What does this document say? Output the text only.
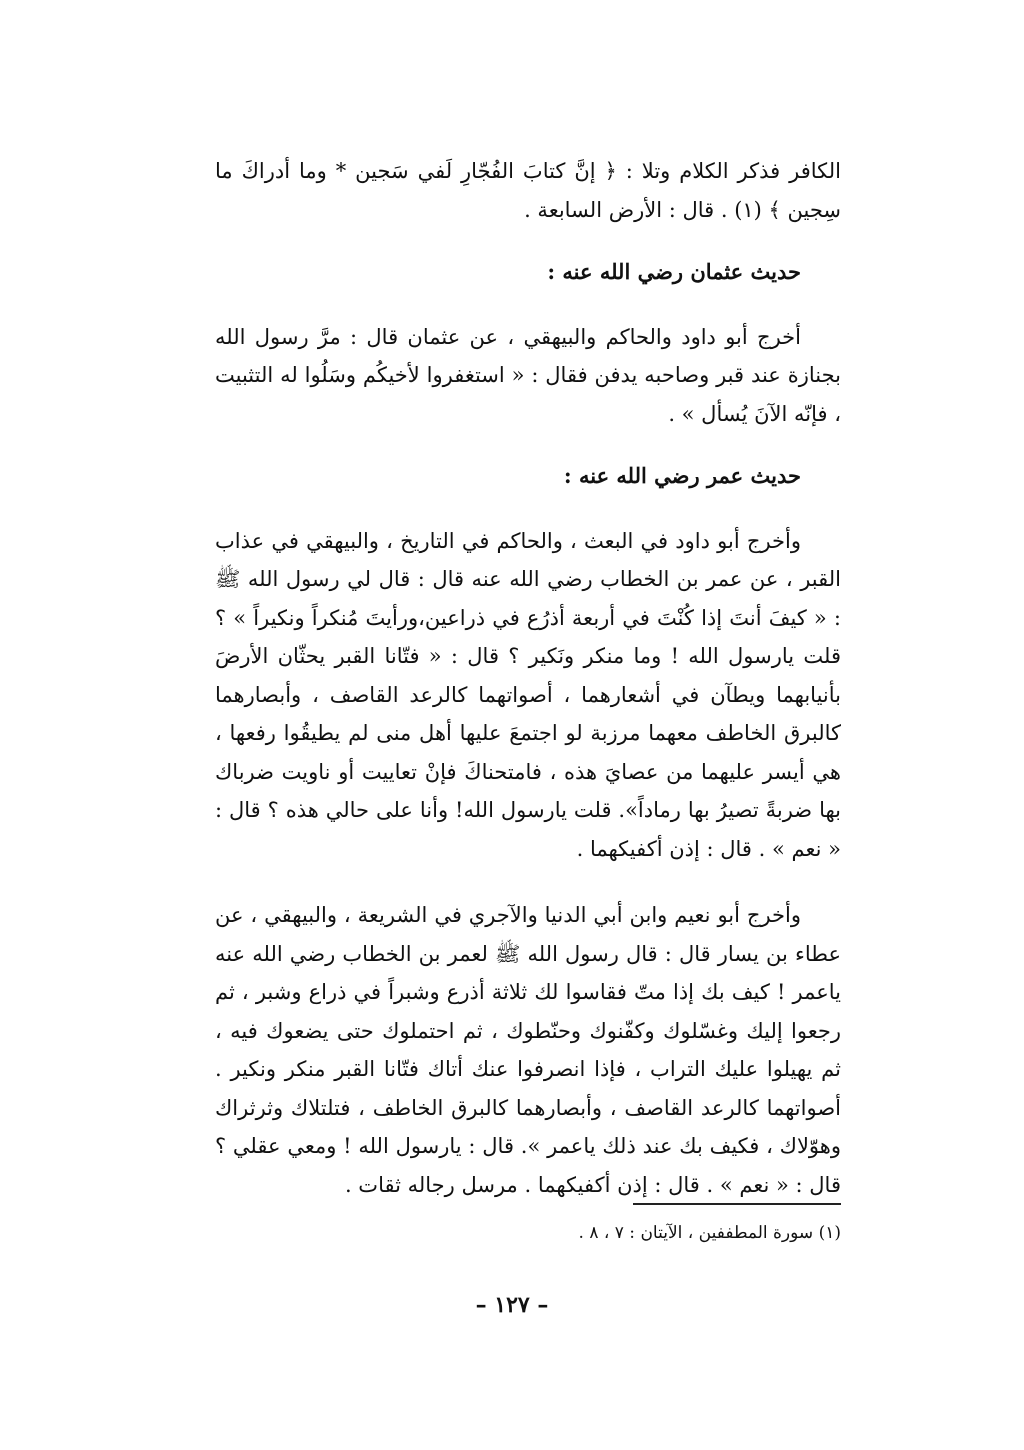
الكافر فذكر الكلام وتلا : ﴿ إنَّ كتابَ الفُجّارِ لَفي سَجين * وما أدراكَ ما سِجين ﴾ (١) . قال : الأرض السابعة .

حديث عثمان رضي الله عنه :

أخرج أبو داود والحاكم والبيهقي ، عن عثمان قال : مرَّ رسول الله بجنازة عند قبر وصاحبه يدفن فقال : « استغفروا لأخيكُم وسَلُوا له التثبيت ، فإنّه الآنَ يُسأل » .

حديث عمر رضي الله عنه :

وأخرج أبو داود في البعث ، والحاكم في التاريخ ، والبيهقي في عذاب القبر ، عن عمر بن الخطاب رضي الله عنه قال : قال لي رسول الله ﷺ : « كيفَ أنتَ إذا كُنْتَ في أربعة أذرُع في ذراعين،ورأيتَ مُنكراً ونكيراً » ؟ قلت يارسول الله ! وما منكر ونَكير ؟ قال : « فتّانا القبر يحثّان الأرضَ بأنيابهما ويطآن في أشعارهما ، أصواتهما كالرعد القاصف ، وأبصارهما كالبرق الخاطف معهما مرزبة لو اجتمعَ عليها أهل منى لم يطيقُوا رفعها ، هي أيسر عليهما من عصايَ هذه ، فامتحناكَ فإنْ تعاييت أو ناويت ضرباك بها ضربةً تصيرُ بها رماداً». قلت يارسول الله! وأنا على حالي هذه ؟ قال : « نعم » . قال : إذن أكفيكهما .

وأخرج أبو نعيم وابن أبي الدنيا والآجري في الشريعة ، والبيهقي ، عن عطاء بن يسار قال : قال رسول الله ﷺ لعمر بن الخطاب رضي الله عنه ياعمر ! كيف بك إذا متّ فقاسوا لك ثلاثة أذرع وشبراً في ذراع وشبر ، ثم رجعوا إليك وغسّلوك وكفّنوك وحنّطوك ، ثم احتملوك حتى يضعوك فيه ، ثم يهيلوا عليك التراب ، فإذا انصرفوا عنك أتاك فتّانا القبر منكر ونكير . أصواتهما كالرعد القاصف ، وأبصارهما كالبرق الخاطف ، فتلتلاك وثرثراك وهوّلاك ، فكيف بك عند ذلك ياعمر ». قال : يارسول الله ! ومعي عقلي ؟ قال : « نعم » . قال : إذن أكفيكهما . مرسل رجاله ثقات .

(١) سورة المطففين ، الآيتان : ٧ ، ٨ .
– ١٢٧ –
